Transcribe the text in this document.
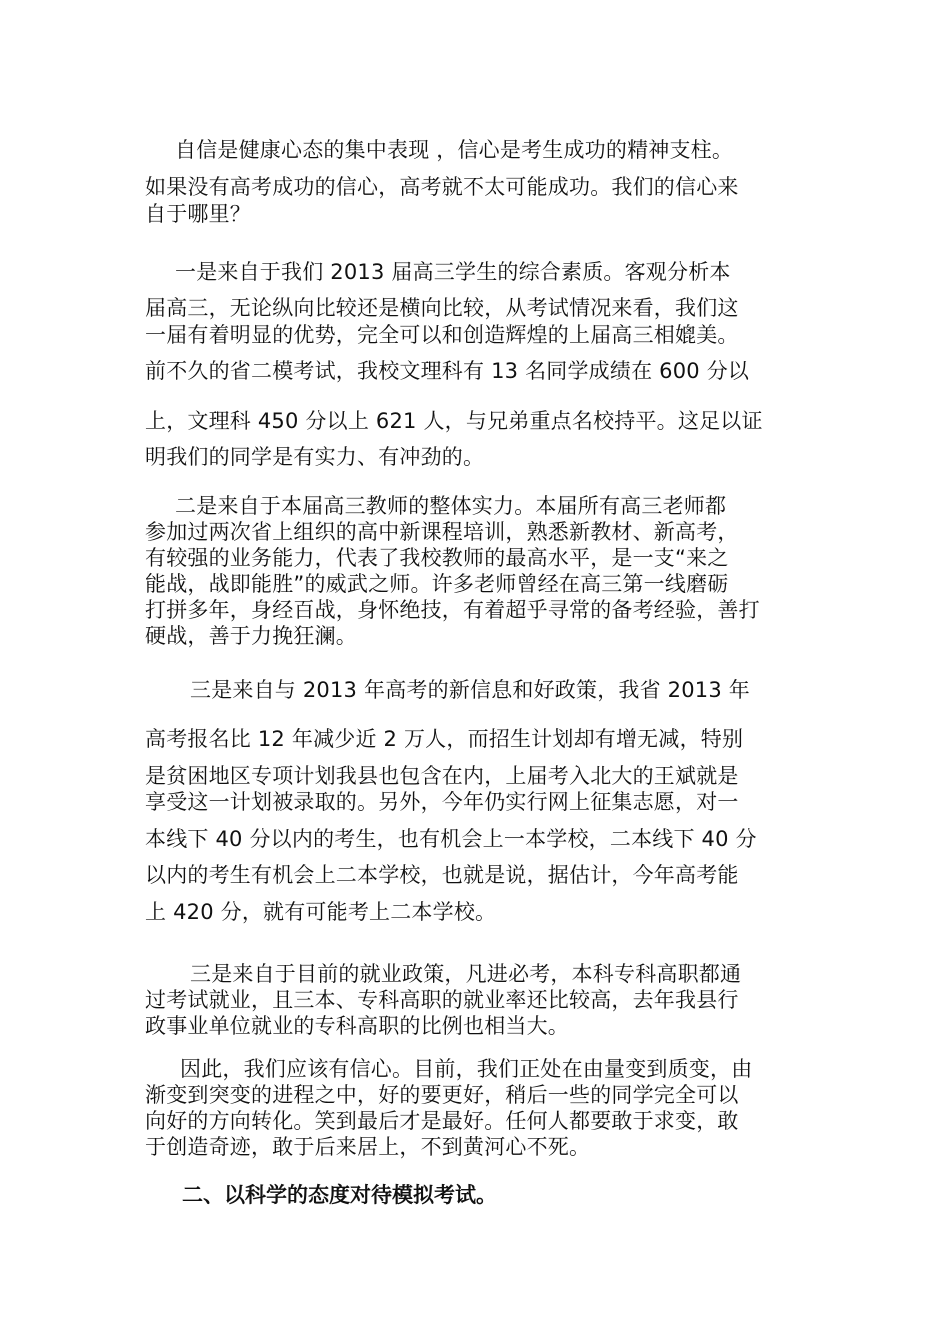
自信是健康心态的集中表现 ，信心是考生成功的精神支柱。
如果没有高考成功的信心，高考就不太可能成功。我们的信心来
自于哪里？
一是来自于我们 2013 届高三学生的综合素质。客观分析本
届高三，无论纵向比较还是横向比较，从考试情况来看，我们这
一届有着明显的优势，完全可以和创造辉煌的上届高三相媲美。
前不久的省二模考试，我校文理科有 13 名同学成绩在 600 分以
上，文理科 450 分以上 621 人，与兄弟重点名校持平。这足以证
明我们的同学是有实力、有冲劲的。
二是来自于本届高三教师的整体实力。本届所有高三老师都
参加过两次省上组织的高中新课程培训，熟悉新教材、新高考，
有较强的业务能力，代表了我校教师的最高水平，是一支“来之
能战，战即能胜”的威武之师。许多老师曾经在高三第一线磨砺
打拼多年，身经百战，身怀绝技，有着超乎寻常的备考经验，善打
硬战，善于力挽狂澜。
三是来自与 2013 年高考的新信息和好政策，我省 2013 年
高考报名比 12 年减少近 2 万人，而招生计划却有增无减，特别
是贫困地区专项计划我县也包含在内，上届考入北大的王斌就是
享受这一计划被录取的。另外，今年仍实行网上征集志愿，对一
本线下 40 分以内的考生，也有机会上一本学校，二本线下 40 分
以内的考生有机会上二本学校，也就是说，据估计，今年高考能
上 420 分，就有可能考上二本学校。
三是来自于目前的就业政策，凡进必考，本科专科高职都通
过考试就业，且三本、专科高职的就业率还比较高，去年我县行
政事业单位就业的专科高职的比例也相当大。
因此，我们应该有信心。目前，我们正处在由量变到质变，由
渐变到突变的进程之中，好的要更好，稍后一些的同学完全可以
向好的方向转化。笑到最后才是最好。任何人都要敢于求变，敢
于创造奇迹，敢于后来居上，不到黄河心不死。
二、以科学的态度对待模拟考试。
